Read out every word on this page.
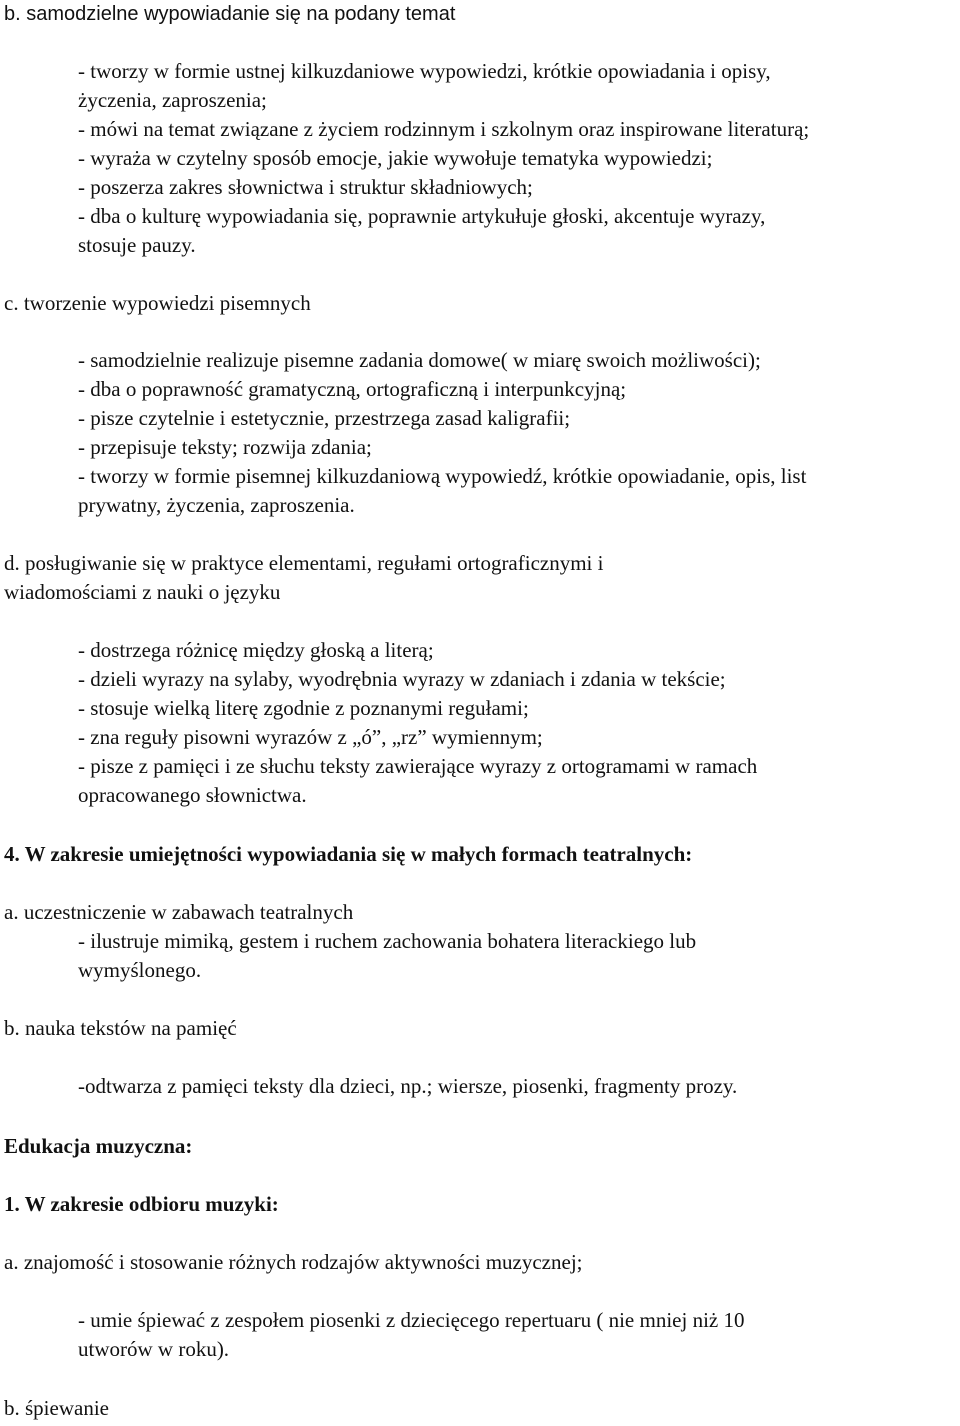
b. samodzielne wypowiadanie się na podany temat
- tworzy w formie ustnej kilkuzdaniowe wypowiedzi, krótkie opowiadania i opisy,
życzenia, zaproszenia;
- mówi na temat związane z życiem rodzinnym i szkolnym oraz inspirowane literaturą;
- wyraża w czytelny sposób emocje, jakie wywołuje tematyka wypowiedzi;
- poszerza zakres słownictwa i struktur składniowych;
- dba o kulturę wypowiadania się, poprawnie artykułuje głoski, akcentuje wyrazy,
stosuje pauzy.
c. tworzenie wypowiedzi pisemnych
- samodzielnie realizuje pisemne zadania domowe( w miarę swoich możliwości);
- dba o poprawność gramatyczną, ortograficzną i interpunkcyjną;
- pisze czytelnie i estetycznie, przestrzega zasad kaligrafii;
- przepisuje teksty; rozwija zdania;
- tworzy w formie pisemnej kilkuzdaniową wypowiedź, krótkie opowiadanie, opis, list
prywatny, życzenia, zaproszenia.
d. posługiwanie się w praktyce elementami, regułami ortograficznymi i
wiadomościami z nauki o języku
- dostrzega różnicę między głoską a literą;
- dzieli wyrazy na sylaby, wyodrębnia wyrazy w zdaniach i zdania w tekście;
- stosuje wielką literę zgodnie z poznanymi regułami;
- zna reguły pisowni wyrazów z „ó”, „rz” wymiennym;
- pisze z pamięci i ze słuchu teksty zawierające wyrazy z ortogramami w ramach
opracowanego słownictwa.
4. W zakresie umiejętności wypowiadania się w małych formach teatralnych:
a. uczestniczenie w zabawach teatralnych
- ilustruje mimiką, gestem i ruchem zachowania bohatera literackiego lub
wymyślonego.
b. nauka tekstów na pamięć
-odtwarza z pamięci teksty dla dzieci, np.; wiersze, piosenki, fragmenty prozy.
Edukacja muzyczna:
1. W zakresie odbioru muzyki:
a. znajomość i stosowanie różnych rodzajów aktywności muzycznej;
- umie śpiewać z zespołem piosenki z dziecięcego repertuaru ( nie mniej niż 10
utworów w roku).
b. śpiewanie
